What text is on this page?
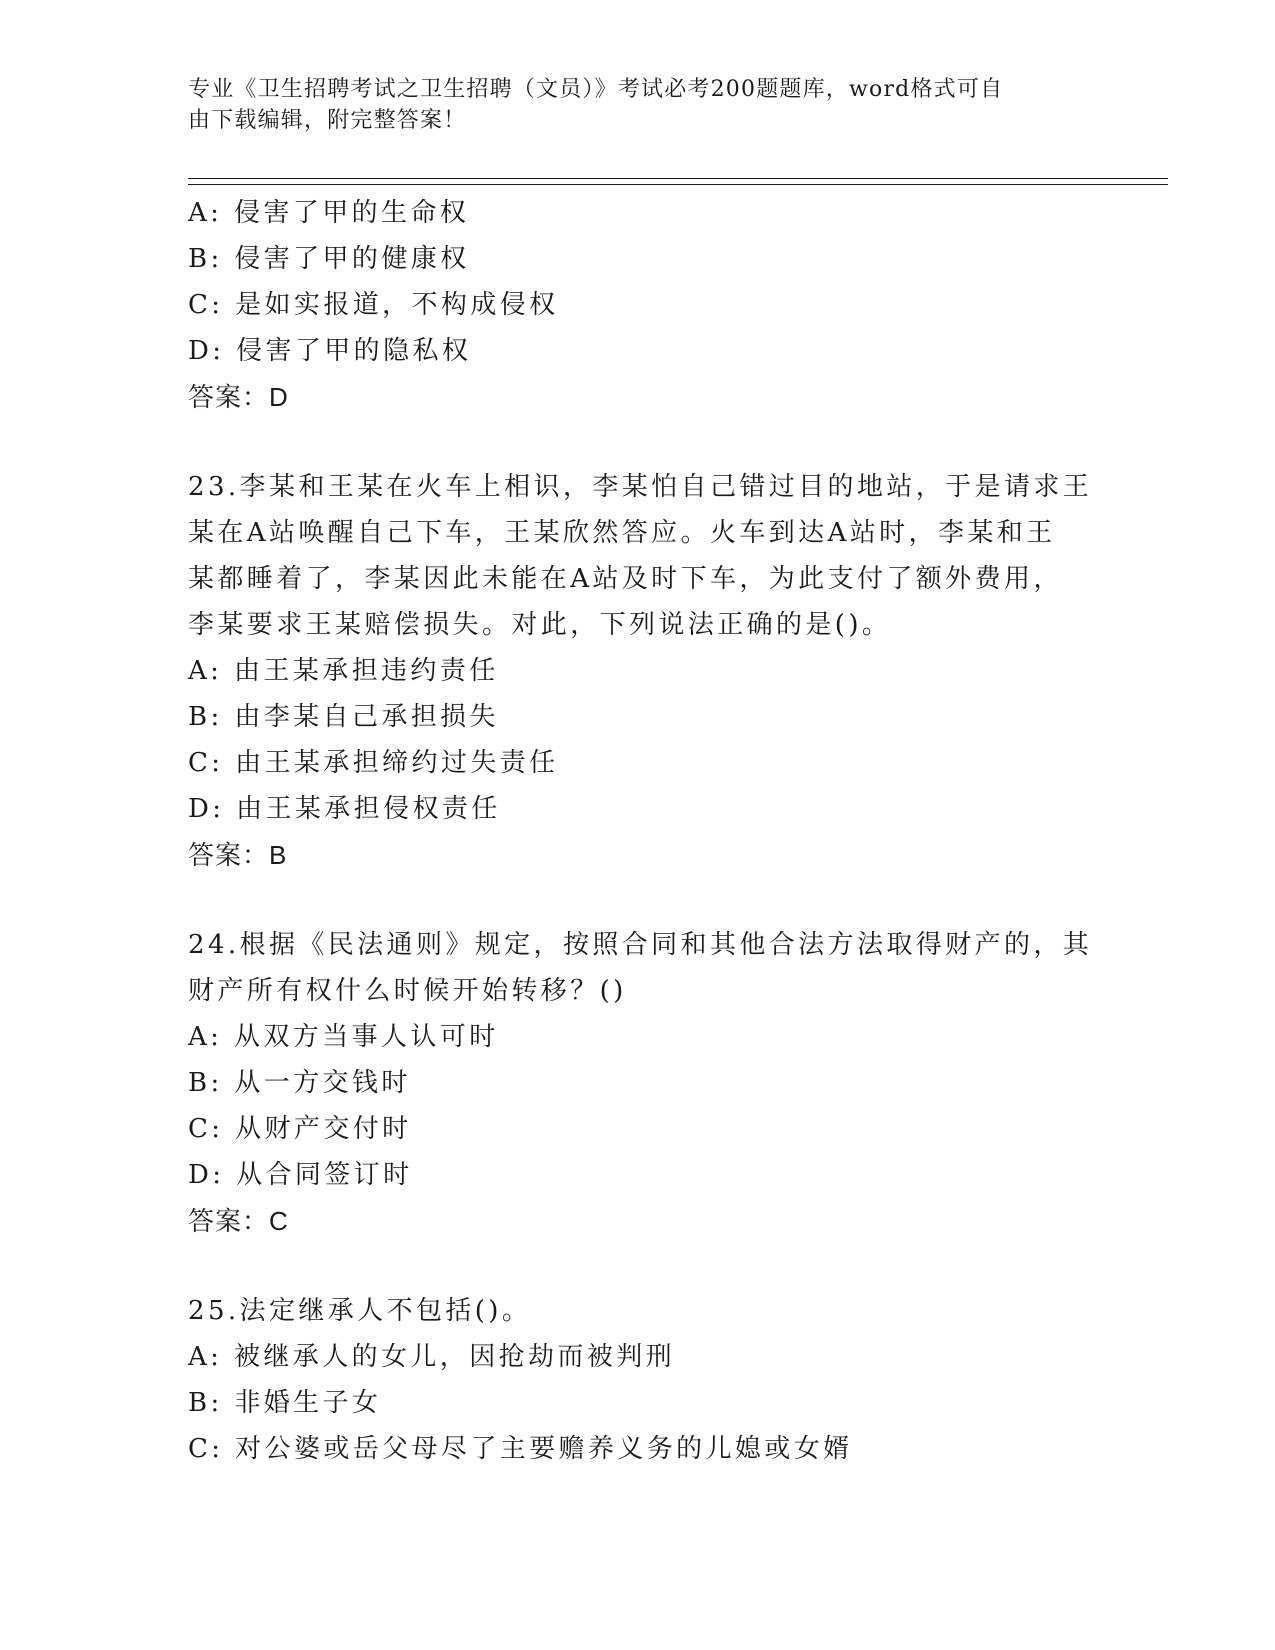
专业《卫生招聘考试之卫生招聘（文员）》考试必考200题题库，word格式可自
由下载编辑，附完整答案！
A: 侵害了甲的生命权
B: 侵害了甲的健康权
C: 是如实报道，不构成侵权
D: 侵害了甲的隐私权
答案：D
23.李某和王某在火车上相识，李某怕自己错过目的地站，于是请求王
某在A站唤醒自己下车，王某欣然答应。火车到达A站时，李某和王
某都睡着了，李某因此未能在A站及时下车，为此支付了额外费用，
李某要求王某赔偿损失。对此，下列说法正确的是()。
A: 由王某承担违约责任
B: 由李某自己承担损失
C: 由王某承担缔约过失责任
D: 由王某承担侵权责任
答案：B
24.根据《民法通则》规定，按照合同和其他合法方法取得财产的，其
财产所有权什么时候开始转移？()
A: 从双方当事人认可时
B: 从一方交钱时
C: 从财产交付时
D: 从合同签订时
答案：C
25.法定继承人不包括()。
A: 被继承人的女儿，因抢劫而被判刑
B: 非婚生子女
C: 对公婆或岳父母尽了主要赡养义务的儿媳或女婿
